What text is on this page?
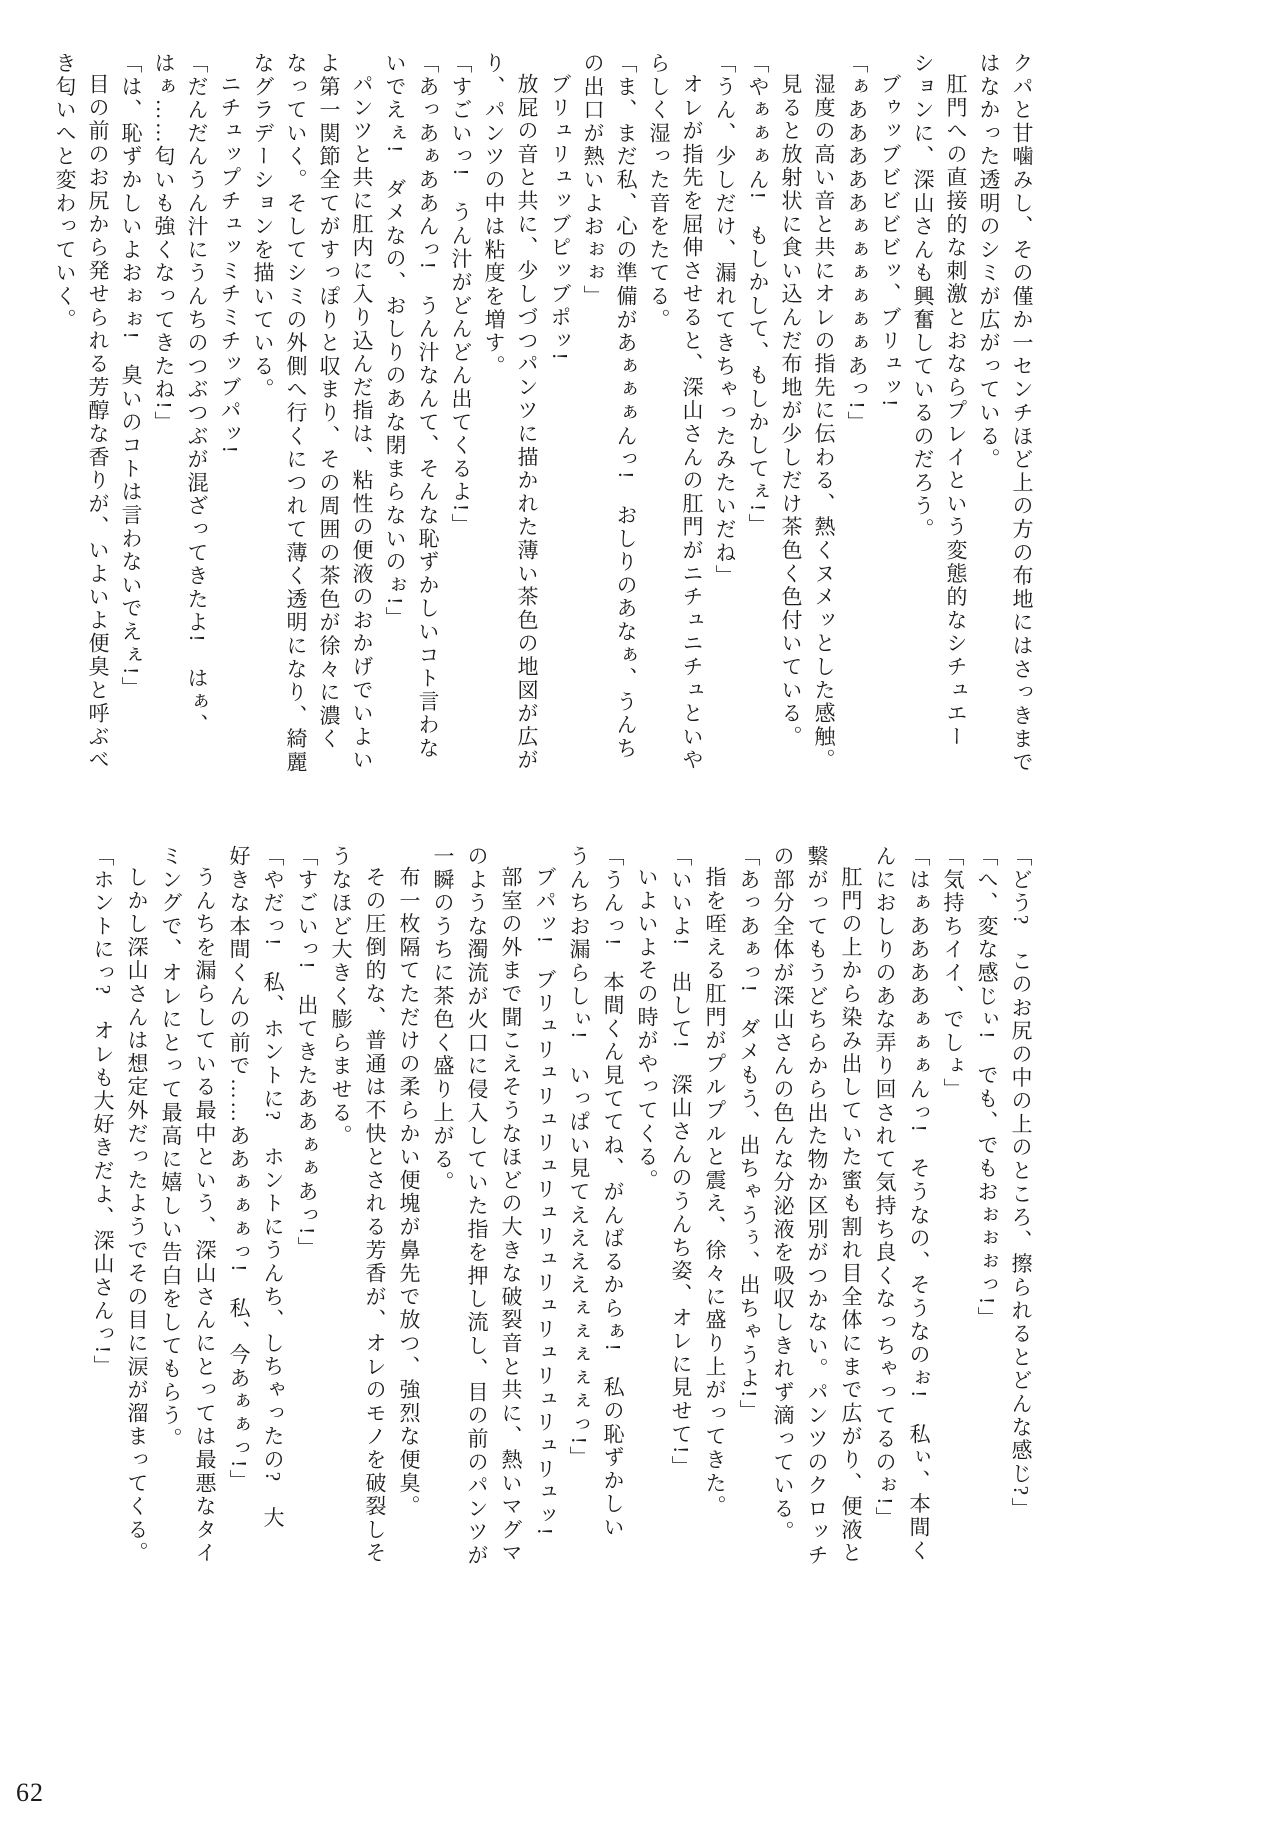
クパと甘噛みし、その僅か一センチほど上の方の布地にはさっきまで

はなかった透明のシミが広がっている。

肛門への直接的な刺激とおならプレイという変態的なシチュエー

ションに、深山さんも興奮しているのだろう。

ブゥッブビビビビッ、ブリュッ!

「ぁあああああぁぁぁぁぁぁあっ!」

湿度の高い音と共にオレの指先に伝わる、熱くヌメッとした感触。

見ると放射状に食い込んだ布地が少しだけ茶色く色付いている。

「やぁぁぁん!　もしかして、もしかしてぇ!」

「うん、少しだけ、漏れてきちゃったみたいだね」

オレが指先を屈伸させると、深山さんの肛門がニチュニチュといや

らしく湿った音をたてる。

「ま、まだ私、心の準備があぁぁぁんっ!　おしりのあなぁ、うんち

の出口が熱いよおぉぉ」

ブリュリュッブピッブポッ!

放屁の音と共に、少しづつパンツに描かれた薄い茶色の地図が広が

り、パンツの中は粘度を増す。

「すごいっ!　うん汁がどんどん出てくるよ!」

「あっあぁああんっ!　うん汁なんて、そんな恥ずかしいコト言わな

いでえぇ!　ダメなの、おしりのあな閉まらないのぉ!」

パンツと共に肛内に入り込んだ指は、粘性の便液のおかげでいよい

よ第一関節全てがすっぽりと収まり、その周囲の茶色が徐々に濃く

なっていく。そしてシミの外側へ行くにつれて薄く透明になり、綺麗

なグラデーションを描いている。

ニチュップチュッミチミチッブパッ!

「だんだんうん汁にうんちのつぶつぶが混ざってきたよ!　はぁ、

はぁ……匂いも強くなってきたね!」

「は、恥ずかしいよおぉぉ!　臭いのコトは言わないでえぇ!」

目の前のお尻から発せられる芳醇な香りが、いよいよ便臭と呼ぶべ

き匂いへと変わっていく。

「どう?　このお尻の中の上のところ、擦られるとどんな感じ?」

「へ、変な感じぃ!　でも、でもおぉぉぉっ!」

「気持ちイイ、でしょ」

「はぁああああぁぁぁんっ!　そうなの、そうなのぉ!　私ぃ、本間く

んにおしりのあな弄り回されて気持ち良くなっちゃってるのぉ!」

肛門の上から染み出していた蜜も割れ目全体にまで広がり、便液と

繋がってもうどちらから出た物か区別がつかない。パンツのクロッチ

の部分全体が深山さんの色んな分泌液を吸収しきれず滴っている。

「あっあぁっ!　ダメもう、出ちゃうぅ、出ちゃうよ!」

指を咥える肛門がプルプルと震え、徐々に盛り上がってきた。

「いいよ!　出して!　深山さんのうんち姿、オレに見せて!」

いよいよその時がやってくる。

「うんっ!　本間くん見ててね、がんばるからぁ!　私の恥ずかしい

うんちお漏らしぃ!　いっぱい見てええええぇぇぇぇぇっ!」

ブパッ!　ブリュリュリュリュリュリュリュリュリュリュリュッ!

部室の外まで聞こえそうなほどの大きな破裂音と共に、熱いマグマ

のような濁流が火口に侵入していた指を押し流し、目の前のパンツが

一瞬のうちに茶色く盛り上がる。

布一枚隔てただけの柔らかい便塊が鼻先で放つ、強烈な便臭。

その圧倒的な、普通は不快とされる芳香が、オレのモノを破裂しそ

うなほど大きく膨らませる。

「すごいっ!　出てきたああぁぁあっ!」

「やだっ!　私、ホントに?　ホントにうんち、しちゃったの?　大

好きな本間くんの前で……ああぁぁぁっ!　私、今あぁぁっ!」

うんちを漏らしている最中という、深山さんにとっては最悪なタイ

ミングで、オレにとって最高に嬉しい告白をしてもらう。

しかし深山さんは想定外だったようでその目に涙が溜まってくる。

「ホントにっ?　オレも大好きだよ、深山さんっ!」

62
